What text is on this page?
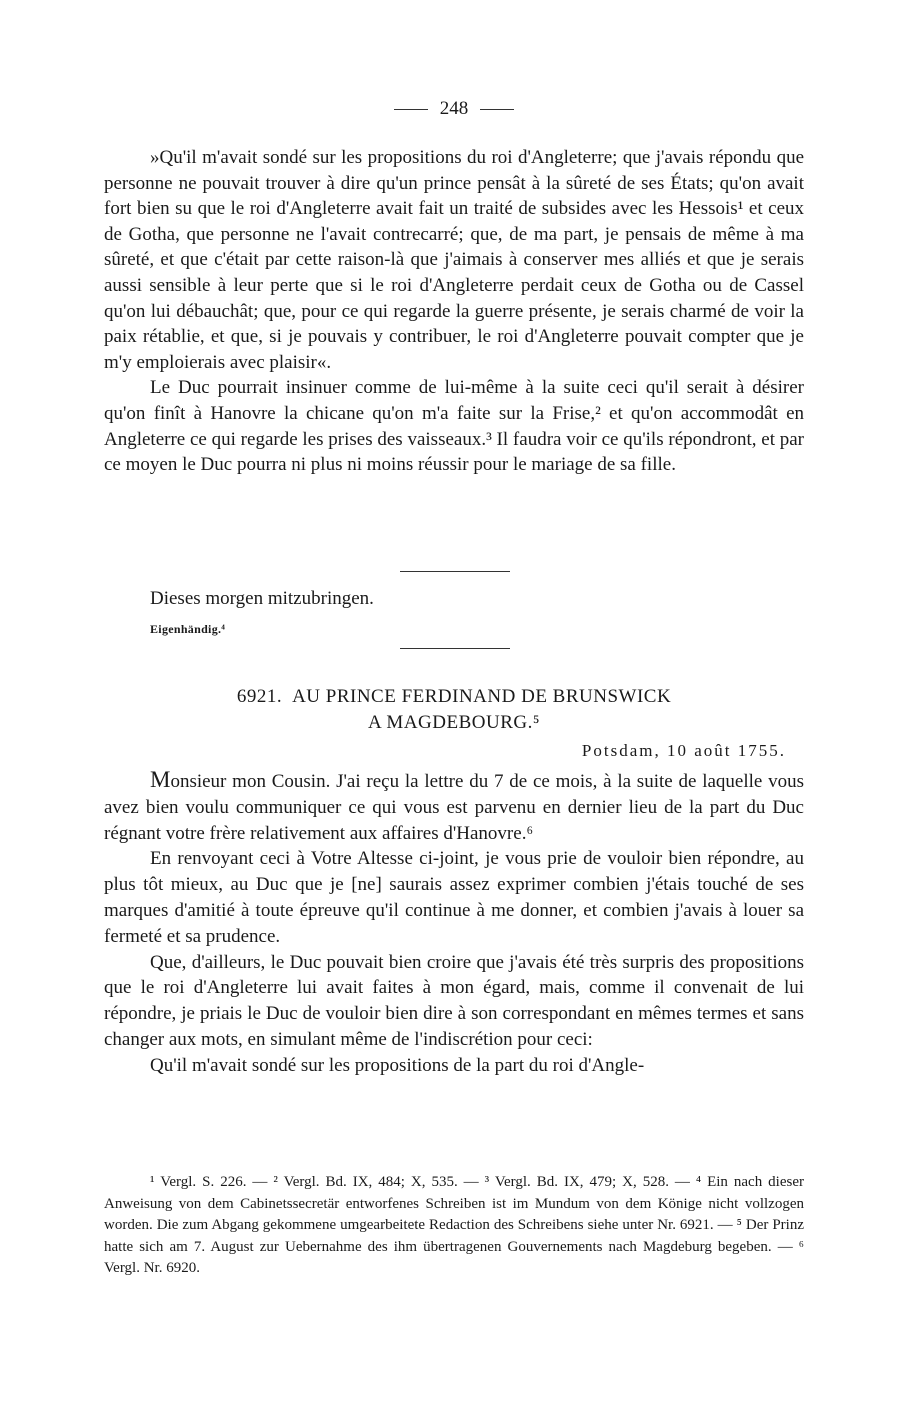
248

»Qu'il m'avait sondé sur les propositions du roi d'Angleterre; que j'avais répondu que personne ne pouvait trouver à dire qu'un prince pensât à la sûreté de ses États; qu'on avait fort bien su que le roi d'Angleterre avait fait un traité de subsides avec les Hessois¹ et ceux de Gotha, que personne ne l'avait contrecarré; que, de ma part, je pensais de même à ma sûreté, et que c'était par cette raison-là que j'aimais à conserver mes alliés et que je serais aussi sensible à leur perte que si le roi d'Angleterre perdait ceux de Gotha ou de Cassel qu'on lui débauchât; que, pour ce qui regarde la guerre présente, je serais charmé de voir la paix rétablie, et que, si je pouvais y contribuer, le roi d'Angleterre pouvait compter que je m'y emploierais avec plaisir«.

Le Duc pourrait insinuer comme de lui-même à la suite ceci qu'il serait à désirer qu'on finît à Hanovre la chicane qu'on m'a faite sur la Frise,² et qu'on accommodât en Angleterre ce qui regarde les prises des vaisseaux.³ Il faudra voir ce qu'ils répondront, et par ce moyen le Duc pourra ni plus ni moins réussir pour le mariage de sa fille.

Dieses morgen mitzubringen.
Eigenhändig.⁴
6921. AU PRINCE FERDINAND DE BRUNSWICK
A MAGDEBOURG.⁵
Potsdam, 10 août 1755.

Monsieur mon Cousin. J'ai reçu la lettre du 7 de ce mois, à la suite de laquelle vous avez bien voulu communiquer ce qui vous est parvenu en dernier lieu de la part du Duc régnant votre frère relativement aux affaires d'Hanovre.⁶

En renvoyant ceci à Votre Altesse ci-joint, je vous prie de vouloir bien répondre, au plus tôt mieux, au Duc que je [ne] saurais assez exprimer combien j'étais touché de ses marques d'amitié à toute épreuve qu'il continue à me donner, et combien j'avais à louer sa fermeté et sa prudence.

Que, d'ailleurs, le Duc pouvait bien croire que j'avais été très surpris des propositions que le roi d'Angleterre lui avait faites à mon égard, mais, comme il convenait de lui répondre, je priais le Duc de vouloir bien dire à son correspondant en mêmes termes et sans changer aux mots, en simulant même de l'indiscrétion pour ceci:

Qu'il m'avait sondé sur les propositions de la part du roi d'Angle-

¹ Vergl. S. 226. — ² Vergl. Bd. IX, 484; X, 535. — ³ Vergl. Bd. IX, 479; X, 528. — ⁴ Ein nach dieser Anweisung von dem Cabinetssecretär entworfenes Schreiben ist im Mundum von dem Könige nicht vollzogen worden. Die zum Abgang gekommene umgearbeitete Redaction des Schreibens siehe unter Nr. 6921. — ⁵ Der Prinz hatte sich am 7. August zur Uebernahme des ihm übertragenen Gouvernements nach Magdeburg begeben. — ⁶ Vergl. Nr. 6920.
